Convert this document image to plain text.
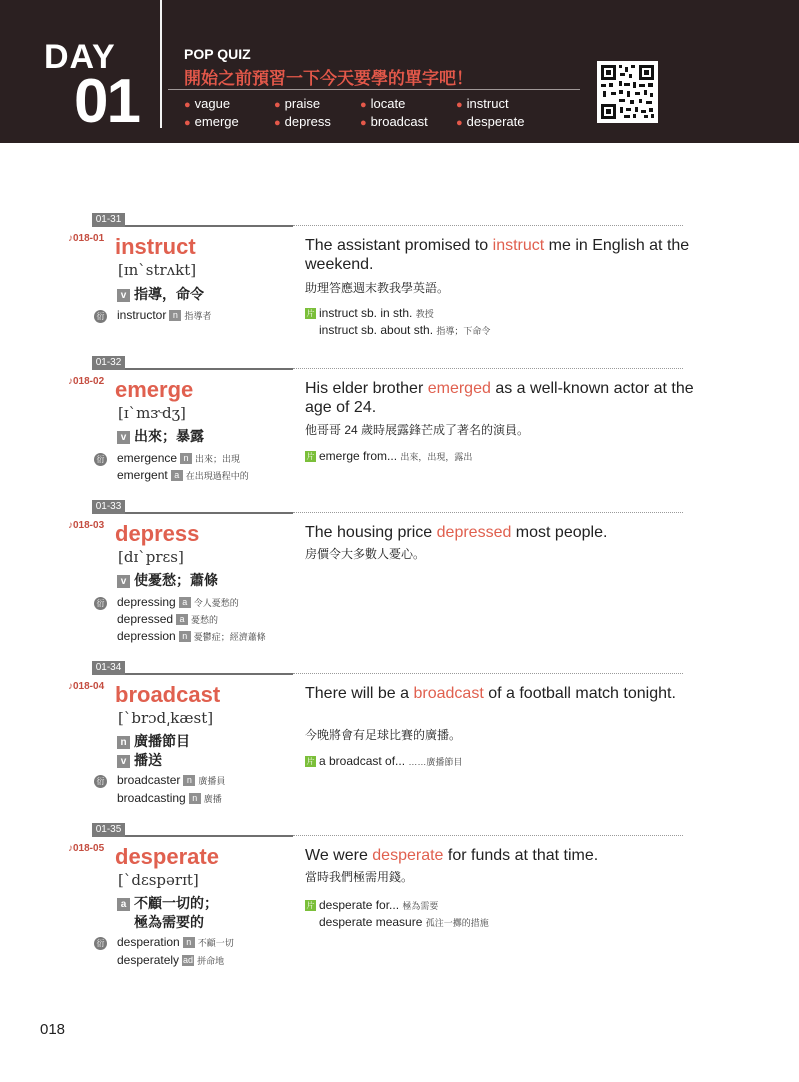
DAY
01
POP QUIZ
開始之前預習一下今天要學的單字吧！
● vague	● praise	● locate	● instruct
● emerge	● depress	● broadcast	● desperate
01-31
♪018-01 instruct
[ɪn`strʌkt]
v 指導，命令
衍 instructor n 指導者
The assistant promised to instruct me in English at the weekend.
助理答應週末教我學英語。
片 instruct sb. in sth. 教授
instruct sb. about sth. 指導；下命令
01-32
♪018-02 emerge
[ɪ`mɝdʒ]
v 出來；暴露
衍 emergence n 出來；出現
emergent a 在出現過程中的
His elder brother emerged as a well-known actor at the age of 24.
他哥哥 24 歲時展露鋒芒成了著名的演員。
片 emerge from... 出來，出現，露出
01-33
♪018-03 depress
[dɪ`prɛs]
v 使憂愁；蕭條
衍 depressing a 令人憂愁的
depressed a 憂愁的
depression n 憂鬱症；經濟蕭條
The housing price depressed most people.
房價令大多數人憂心。
01-34
♪018-04 broadcast
[`brɔd͵kæst]
n 廣播節目
v 播送
衍 broadcaster n 廣播員
broadcasting n 廣播
There will be a broadcast of a football match tonight.
今晚將會有足球比賽的廣播。
片 a broadcast of... ……廣播節目
01-35
♪018-05 desperate
[`dɛspərɪt]
a 不顧一切的；
極為需要的
衍 desperation n 不顧一切
desperately ad 拼命地
We were desperate for funds at that time.
當時我們極需用錢。
片 desperate for... 極為需要
desperate measure 孤注一擲的措施
018
